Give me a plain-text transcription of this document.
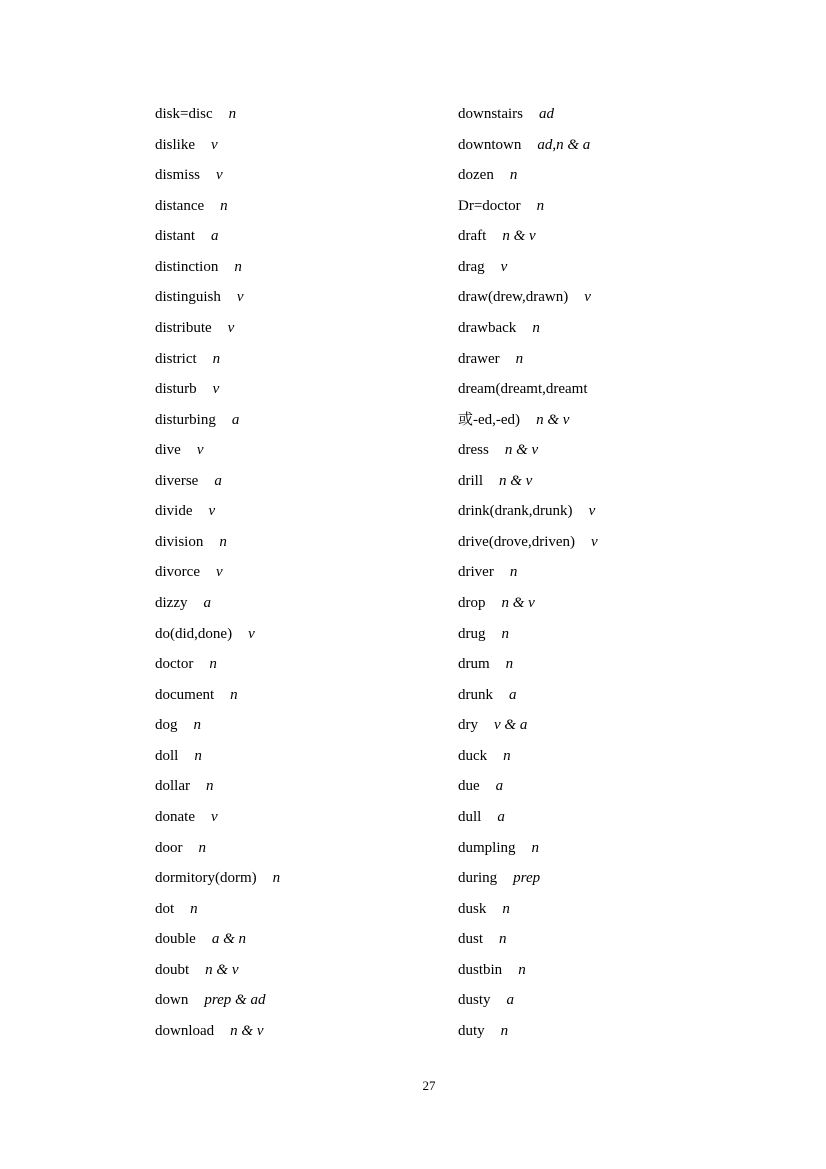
disk=disc n
dislike v
dismiss v
distance n
distant a
distinction n
distinguish v
distribute v
district n
disturb v
disturbing a
dive v
diverse a
divide v
division n
divorce v
dizzy a
do(did,done) v
doctor n
document n
dog n
doll n
dollar n
donate v
door n
dormitory(dorm) n
dot n
double a & n
doubt n & v
down prep & ad
download n & v
downstairs ad
downtown ad,n & a
dozen n
Dr=doctor n
draft n & v
drag v
draw(drew,drawn) v
drawback n
drawer n
dream(dreamt,dreamt
或-ed,-ed) n & v
dress n & v
drill n & v
drink(drank,drunk) v
drive(drove,driven) v
driver n
drop n & v
drug n
drum n
drunk a
dry v & a
duck n
due a
dull a
dumpling n
during prep
dusk n
dust n
dustbin n
dusty a
duty n
27
